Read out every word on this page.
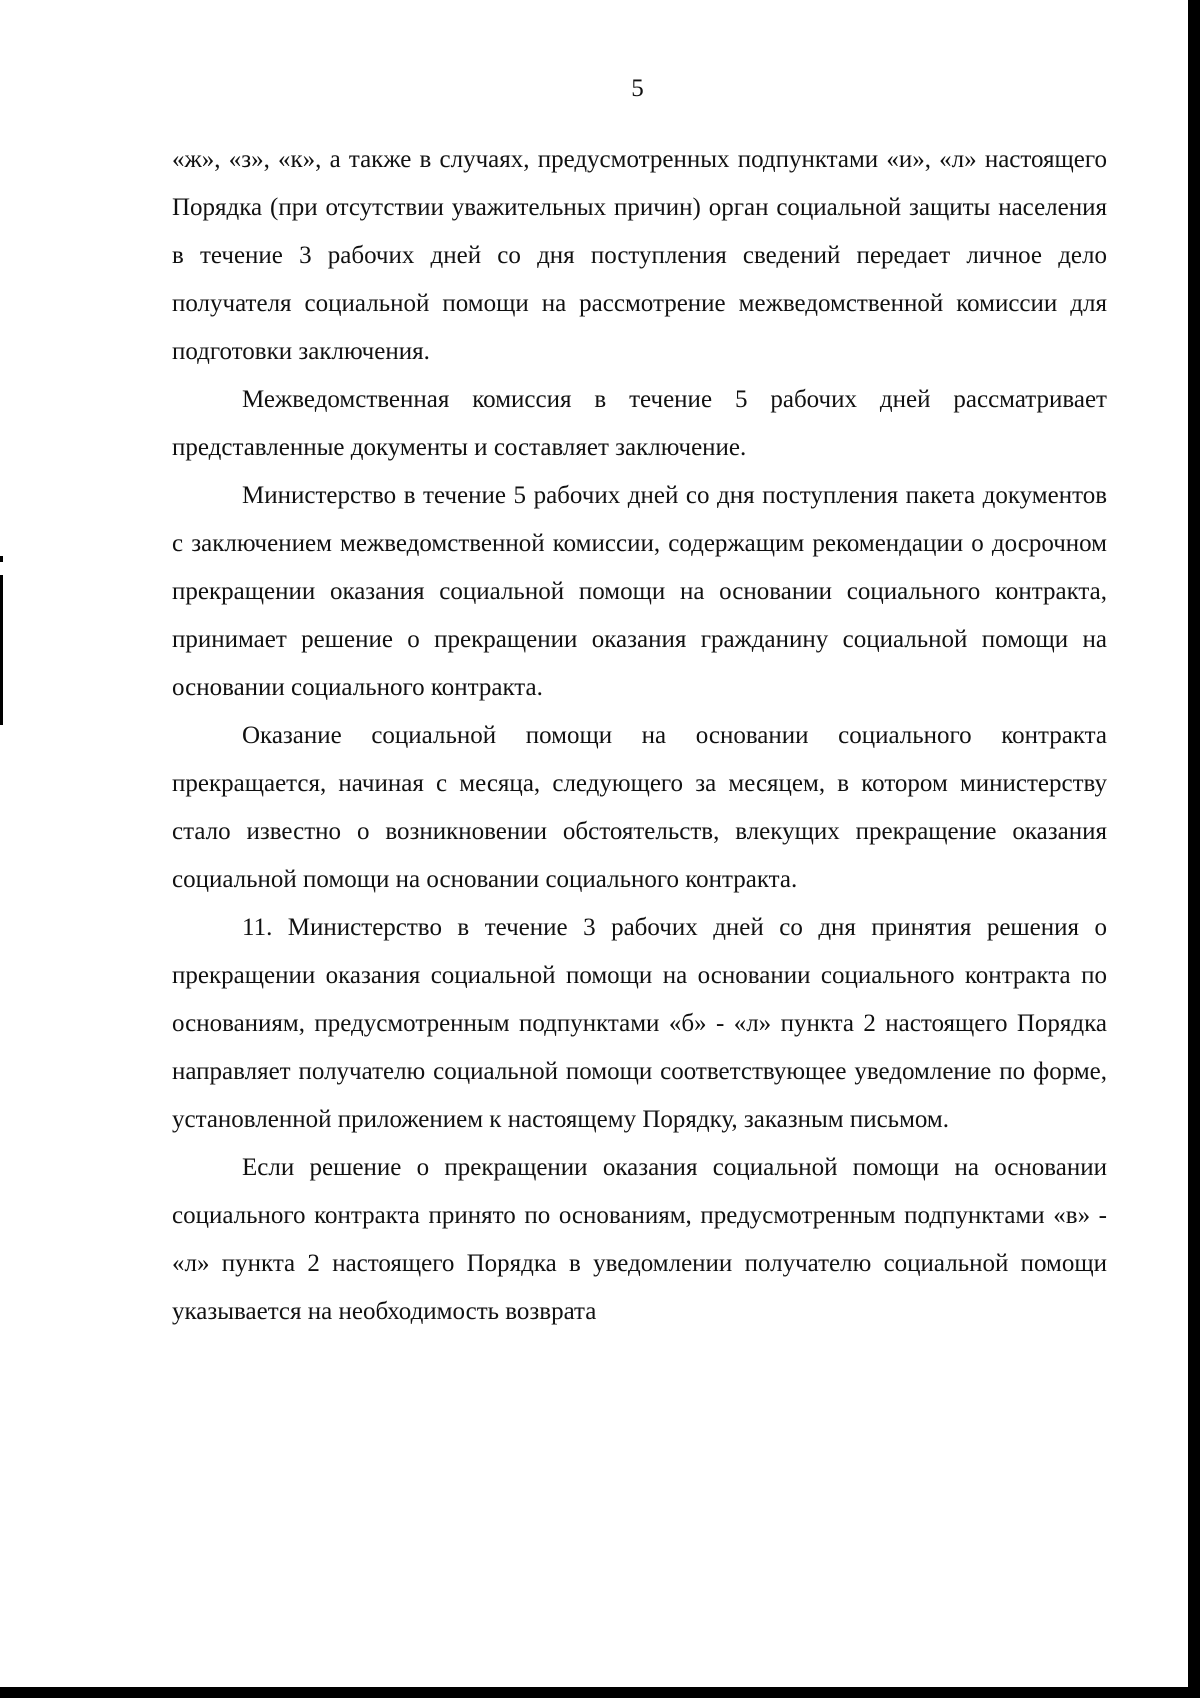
5

«ж», «з», «к», а также в случаях, предусмотренных подпунктами «и», «л» настоящего Порядка (при отсутствии уважительных причин) орган социальной защиты населения в течение 3 рабочих дней со дня поступления сведений передает личное дело получателя социальной помощи на рассмотрение межведомственной комиссии для подготовки заключения.

Межведомственная комиссия в течение 5 рабочих дней рассматривает представленные документы и составляет заключение.

Министерство в течение 5 рабочих дней со дня поступления пакета документов с заключением межведомственной комиссии, содержащим рекомендации о досрочном прекращении оказания социальной помощи на основании социального контракта, принимает решение о прекращении оказания гражданину социальной помощи на основании социального контракта.

Оказание социальной помощи на основании социального контракта прекращается, начиная с месяца, следующего за месяцем, в котором министерству стало известно о возникновении обстоятельств, влекущих прекращение оказания социальной помощи на основании социального контракта.

11. Министерство в течение 3 рабочих дней со дня принятия решения о прекращении оказания социальной помощи на основании социального контракта по основаниям, предусмотренным подпунктами «б» - «л» пункта 2 настоящего Порядка направляет получателю социальной помощи соответствующее уведомление по форме, установленной приложением к настоящему Порядку, заказным письмом.

Если решение о прекращении оказания социальной помощи на основании социального контракта принято по основаниям, предусмотренным подпунктами «в» - «л» пункта 2 настоящего Порядка в уведомлении получателю социальной помощи указывается на необходимость возврата
